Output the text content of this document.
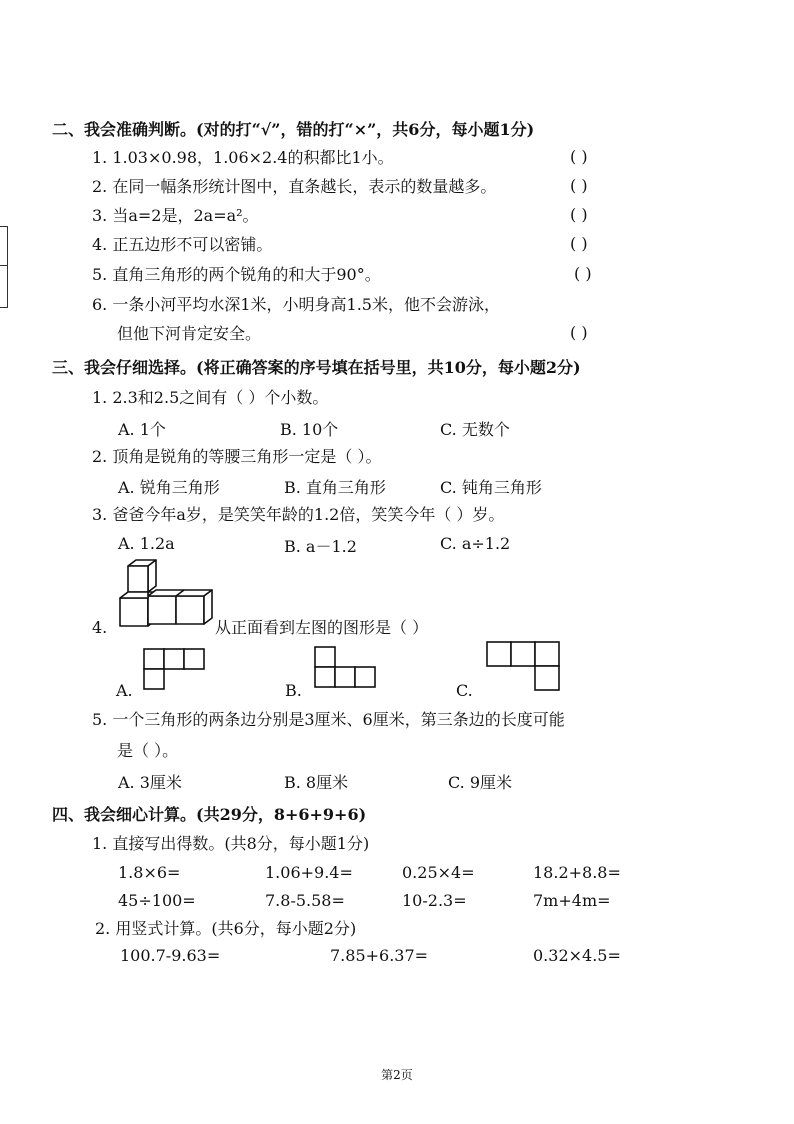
二、我会准确判断。(对的打“√”，错的打“×”，共6分，每小题1分)
1. 1.03×0.98，1.06×2.4的积都比1小。	( )
2. 在同一幅条形统计图中，直条越长，表示的数量越多。	( )
3. 当a=2是，2a=a²。	( )
4. 正五边形不可以密铺。	( )
5. 直角三角形的两个锐角的和大于90°。	( )
6. 一条小河平均水深1米，小明身高1.5米，他不会游泳，
但他下河肯定安全。	( )
三、我会仔细选择。(将正确答案的序号填在括号里，共10分，每小题2分)
1. 2.3和2.5之间有（ ）个小数。
A. 1个	B. 10个	C. 无数个
2. 顶角是锐角的等腰三角形一定是（ ）。
A. 锐角三角形	B. 直角三角形	C. 钝角三角形
3. 爸爸今年a岁，是笑笑年龄的1.2倍，笑笑今年（ ）岁。
A. 1.2a	B. a－1.2	C. a÷1.2
4.	从正面看到左图的图形是（ ）
A.	B.	C.
5. 一个三角形的两条边分别是3厘米、6厘米，第三条边的长度可能
是（ ）。
A. 3厘米	B. 8厘米	C. 9厘米
四、我会细心计算。(共29分，8+6+9+6)
1. 直接写出得数。(共8分，每小题1分)
1.8×6=	1.06+9.4=	0.25×4=	18.2+8.8=
45÷100=	7.8-5.58=	10-2.3=	7m+4m=
2. 用竖式计算。(共6分，每小题2分)
100.7-9.63=	7.85+6.37=	0.32×4.5=
第2页
